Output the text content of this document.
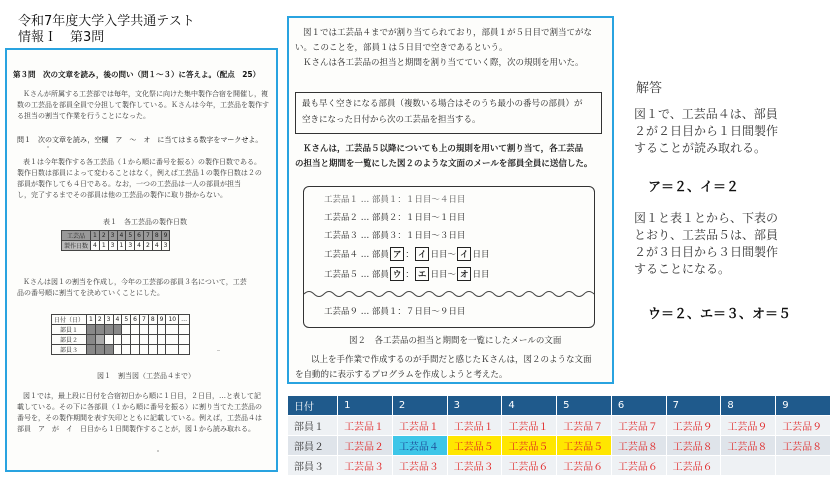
令和7年度大学入学共通テスト
情報Ｉ　第3問
第３問　次の文章を読み，後の問い（問１～３）に答えよ。（配点　25）
Ｋさんが所属する工芸部では毎年，文化祭に向けた集中製作合宿を開催し，複
数の工芸品を部員全員で分担して製作している。Ｋさんは今年，工芸品を製作す
る担当の割当て作業を行うことになった。
問１　次の文章を読み，空欄　ア　～　オ　に当てはまる数字をマークせよ。
表１は今年製作する各工芸品（１から順に番号を振る）の製作日数である。
製作日数は部員によって変わることはなく，例えば工芸品１の製作日数は２の
部員が製作しても４日である。なお，一つの工芸品は一人の部員が担当
し，完了するまでその部員は他の工芸品の製作に取り掛からない。
表１　各工芸品の製作日数
工芸品	1	2	3	4	5	6	7	8	9
製作日数	4	1	3	1	3	4	2	4	3
Ｋさんは図１の割当を作成し，今年の工芸部の部員３名について，工芸
品の番号順に割当てを決めていくことにした。
日付（日）	1	2	3	4	5	6	7	8	9	10	…
部員１											
部員２											
部員３											
図１　割当図（工芸品４まで）
図１では，最上段に日付を合宿初日から順に１日目，２日目，…と表して記
載している。その下に各部員（１から順に番号を振る）に割り当てた工芸品の
番号を，その製作期間を表す矢印とともに記載している。例えば，工芸品４は
部員　ア　が　イ　日目から１日間製作することが，図１から読み取れる。
図１では工芸品４までが割り当てられており，部員１が５日目で割当てがな
い。このことを，部員１は５日目で空きであるという。
Ｋさんは各工芸品の担当と期間を割り当てていく際，次の規則を用いた。
最も早く空きになる部員（複数いる場合はそのうち最小の番号の部員）が
空きになった日付から次の工芸品を担当する。
Ｋさんは，工芸品５以降についても上の規則を用いて割り当て，各工芸品
の担当と期間を一覧にした図２のような文面のメールを部員全員に送信した。
工芸品１ … 部員１：１日目～４日目
工芸品２ … 部員２：１日目～１日目
工芸品３ … 部員３：１日目～３日目
工芸品４ … 部員 ア ： イ 日目～ イ 日目
工芸品５ … 部員 ウ ： エ 日目～ オ 日目
工芸品９ … 部員１：７日目～９日目
図２　各工芸品の担当と期間を一覧にしたメールの文面
以上を手作業で作成するのが手間だと感じたＫさんは，図２のような文面
を自動的に表示するプログラムを作成しようと考えた。
解答
図１で、工芸品４は、部員
２が２日目から１日間製作
することが読み取れる。
ア＝２、イ＝２
図１と表１とから、下表の
とおり、工芸品５は、部員
２が３日目から３日間製作
することになる。
ウ＝２、エ＝３、オ＝５
日付	1	2	3	4	5	6	7	8	9
部員１	工芸品１	工芸品１	工芸品１	工芸品１	工芸品７	工芸品７	工芸品９	工芸品９	工芸品９
部員２	工芸品２	工芸品４	工芸品５	工芸品５	工芸品５	工芸品８	工芸品８	工芸品８	工芸品８
部員３	工芸品３	工芸品３	工芸品３	工芸品６	工芸品６	工芸品６	工芸品６		
